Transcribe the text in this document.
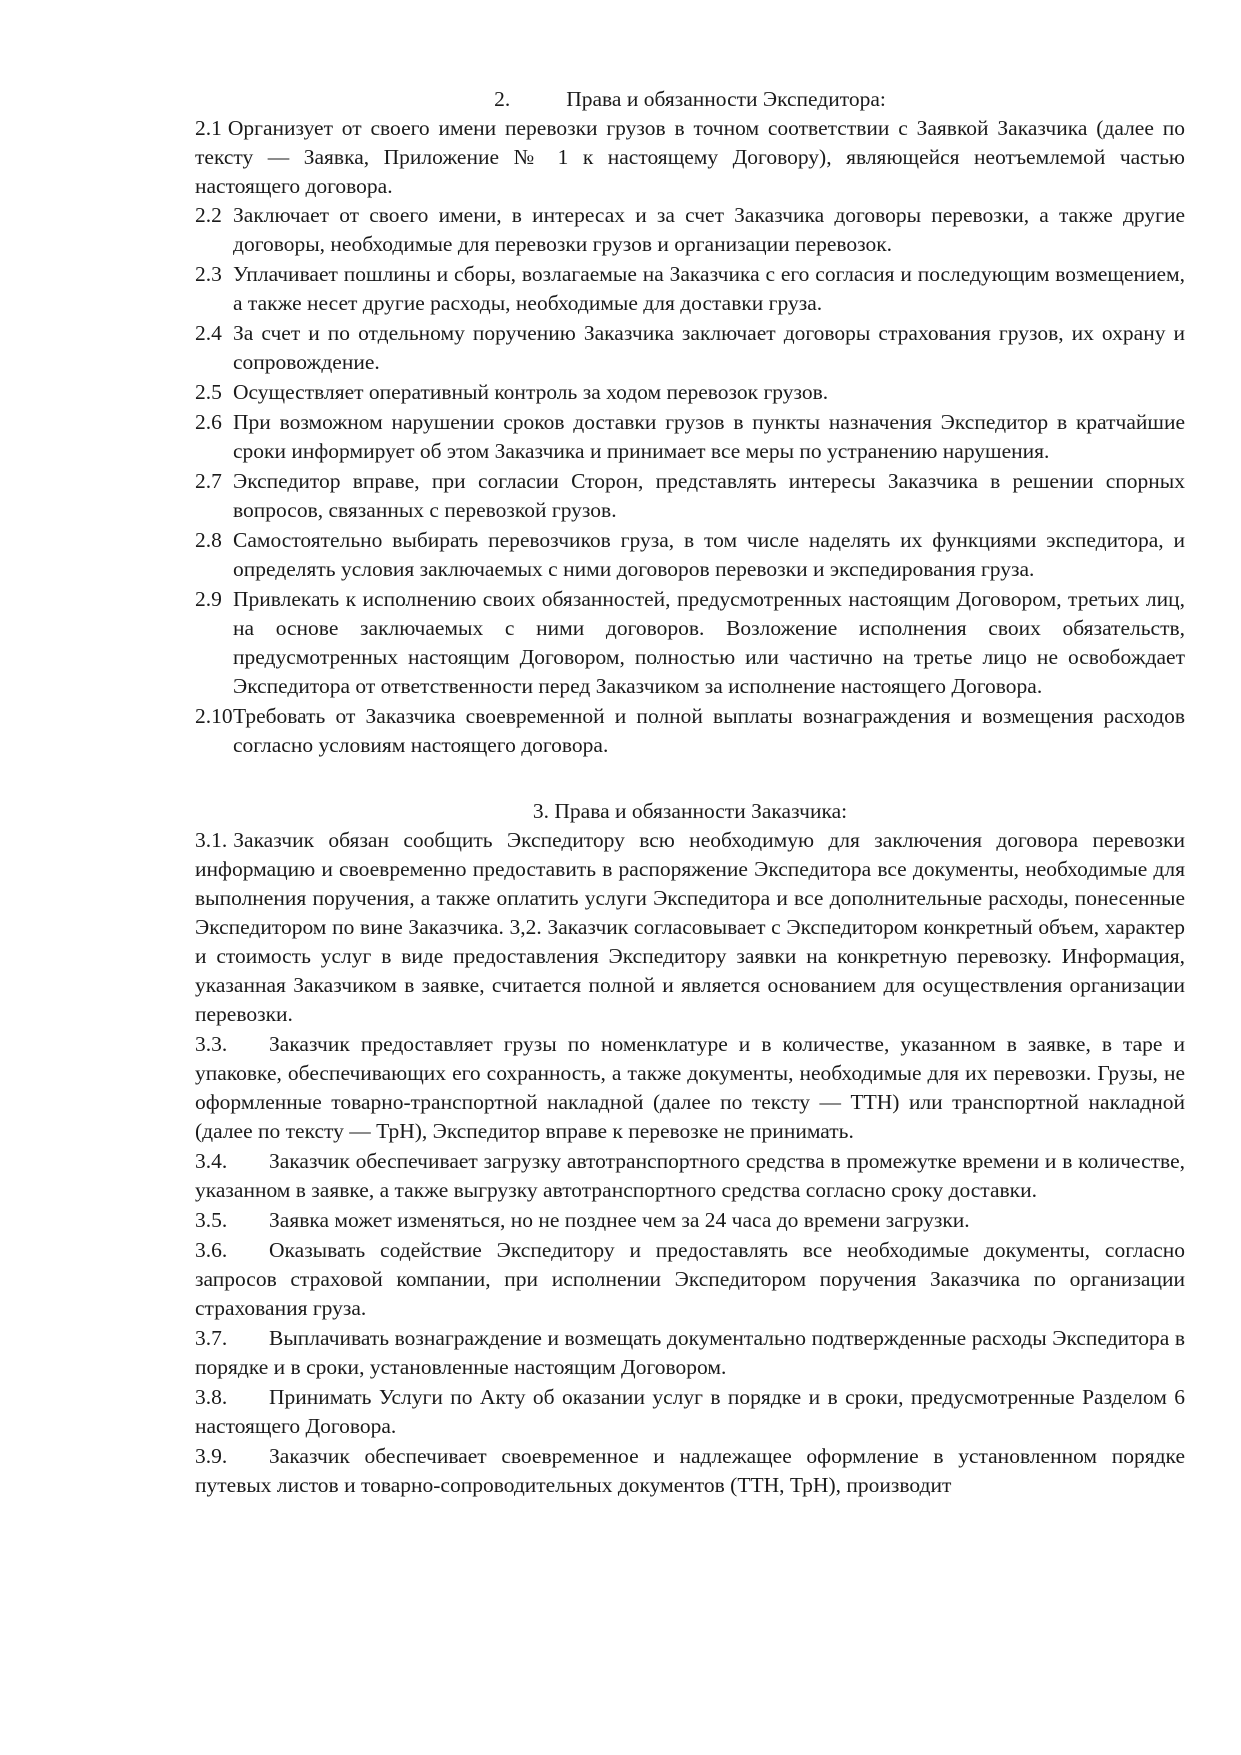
2.	Права и обязанности Экспедитора:

2.1 Организует от своего имени перевозки грузов в точном соответствии с Заявкой Заказчика (далее по тексту — Заявка, Приложение № 1 к настоящему Договору), являющейся неотъемлемой частью настоящего договора.

2.2 Заключает от своего имени, в интересах и за счет Заказчика договоры перевозки, а также другие договоры, необходимые для перевозки грузов и организации перевозок.
2.3 Уплачивает пошлины и сборы, возлагаемые на Заказчика с его согласия и последующим возмещением, а также несет другие расходы, необходимые для доставки груза.
2.4 За счет и по отдельному поручению Заказчика заключает договоры страхования грузов, их охрану и сопровождение.
2.5 Осуществляет оперативный контроль за ходом перевозок грузов.
2.6 При возможном нарушении сроков доставки грузов в пункты назначения Экспедитор в кратчайшие сроки информирует об этом Заказчика и принимает все меры по устранению нарушения.
2.7 Экспедитор вправе, при согласии Сторон, представлять интересы Заказчика в решении спорных вопросов, связанных с перевозкой грузов.
2.8 Самостоятельно выбирать перевозчиков груза, в том числе наделять их функциями экспедитора, и определять условия заключаемых с ними договоров перевозки и экспедирования груза.
2.9 Привлекать к исполнению своих обязанностей, предусмотренных настоящим Договором, третьих лиц, на основе заключаемых с ними договоров. Возложение исполнения своих обязательств, предусмотренных настоящим Договором, полностью или частично на третье лицо не освобождает Экспедитора от ответственности перед Заказчиком за исполнение настоящего Договора.
2.10 Требовать от Заказчика своевременной и полной выплаты вознаграждения и возмещения расходов согласно условиям настоящего договора.

3. Права и обязанности Заказчика:

3.1. Заказчик обязан сообщить Экспедитору всю необходимую для заключения договора перевозки информацию и своевременно предоставить в распоряжение Экспедитора все документы, необходимые для выполнения поручения, а также оплатить услуги Экспедитора и все дополнительные расходы, понесенные Экспедитором по вине Заказчика. 3,2. Заказчик согласовывает с Экспедитором конкретный объем, характер и стоимость услуг в виде предоставления Экспедитору заявки на конкретную перевозку. Информация, указанная Заказчиком в заявке, считается полной и является основанием для осуществления организации перевозки.

3.3. Заказчик предоставляет грузы по номенклатуре и в количестве, указанном в заявке, в таре и упаковке, обеспечивающих его сохранность, а также документы, необходимые для их перевозки. Грузы, не оформленные товарно-транспортной накладной (далее по тексту — ТТН) или транспортной накладной (далее по тексту — ТрН), Экспедитор вправе к перевозке не принимать.

3.4. Заказчик обеспечивает загрузку автотранспортного средства в промежутке времени и в количестве, указанном в заявке, а также выгрузку автотранспортного средства согласно сроку доставки.

3.5. Заявка может изменяться, но не позднее чем за 24 часа до времени загрузки.

3.6. Оказывать содействие Экспедитору и предоставлять все необходимые документы, согласно запросов страховой компании, при исполнении Экспедитором поручения Заказчика по организации страхования груза.

3.7. Выплачивать вознаграждение и возмещать документально подтвержденные расходы Экспедитора в порядке и в сроки, установленные настоящим Договором.

3.8. Принимать Услуги по Акту об оказании услуг в порядке и в сроки, предусмотренные Разделом 6 настоящего Договора.

3.9. Заказчик обеспечивает своевременное и надлежащее оформление в установленном порядке путевых листов и товарно-сопроводительных документов (ТТН, ТрН), производит
